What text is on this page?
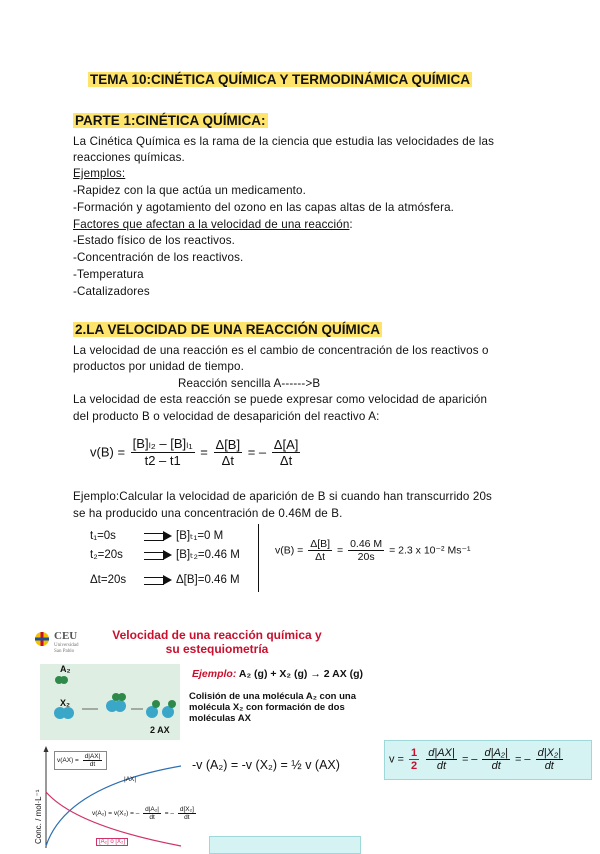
TEMA 10:CINÉTICA QUÍMICA Y TERMODINÁMICA QUÍMICA
PARTE 1:CINÉTICA QUÍMICA:
La Cinética Química es la rama de la ciencia que estudia las velocidades de las
reacciones químicas.
Ejemplos:
-Rapidez con la que actúa un medicamento.
-Formación y agotamiento del ozono en las capas altas de la atmósfera.
Factores que afectan a la velocidad de una reacción:
-Estado físico de los reactivos.
-Concentración de los reactivos.
-Temperatura
-Catalizadores
2.LA VELOCIDAD DE UNA REACCIÓN QUÍMICA
La velocidad de una reacción es el cambio de concentración de los reactivos o
productos por unidad de tiempo.
Reacción sencilla A------>B
La velocidad de esta reacción se puede expresar como velocidad de aparición
del producto B o velocidad de desaparición del reactivo A:
$v(B) = \frac{\text{[B]ₗ₂ – [B]ₗ₁}}{t2 - t1} = \frac{\Delta[B]}{\Delta t}$ = – $\frac{\Delta[A]}{\Delta t}$
Ejemplo:Calcular la velocidad de aparición de B si cuando han transcurrido 20s
se ha producido una concentración de 0.46M de B.
t₁=0s	[B]ₜ₁=0 M
t₂=20s	[B]ₜ₂=0.46 M
Δt=20s	Δ[B]=0.46 M
$v(B) = \frac{\Delta[B]}{\Delta t} = \frac{0.46 M}{20s} = 2.3$ x 10⁻² Ms⁻¹
CEU
Universidad
San Pablo
Velocidad de una reacción química y
su estequiometría
A₂
X₂
2 AX
Ejemplo: A₂ (g) + X₂ (g) → 2 AX (g)
Colisión de una molécula A₂ con una
molécula X₂ con formación de dos
moléculas AX
Conc. / mol·L⁻¹
$v(AX) = \frac{d|AX|}{dt}$
|AX|
v(A₂) = v(X₂) = – $\frac{\text{d|A₂|}}{dt}$ = – $\frac{\text{d[X₂]}}{dt}$
[A₂] o [X₂]
-v (A₂) = -v (X₂) = ½ v (AX)	$v = \frac{1}{2}$
$\frac{d|AX|}{dt}$ = – $\frac{\text{d|A₂|}}{dt}$ = – $\frac{\text{d|X₂|}}{dt}$
